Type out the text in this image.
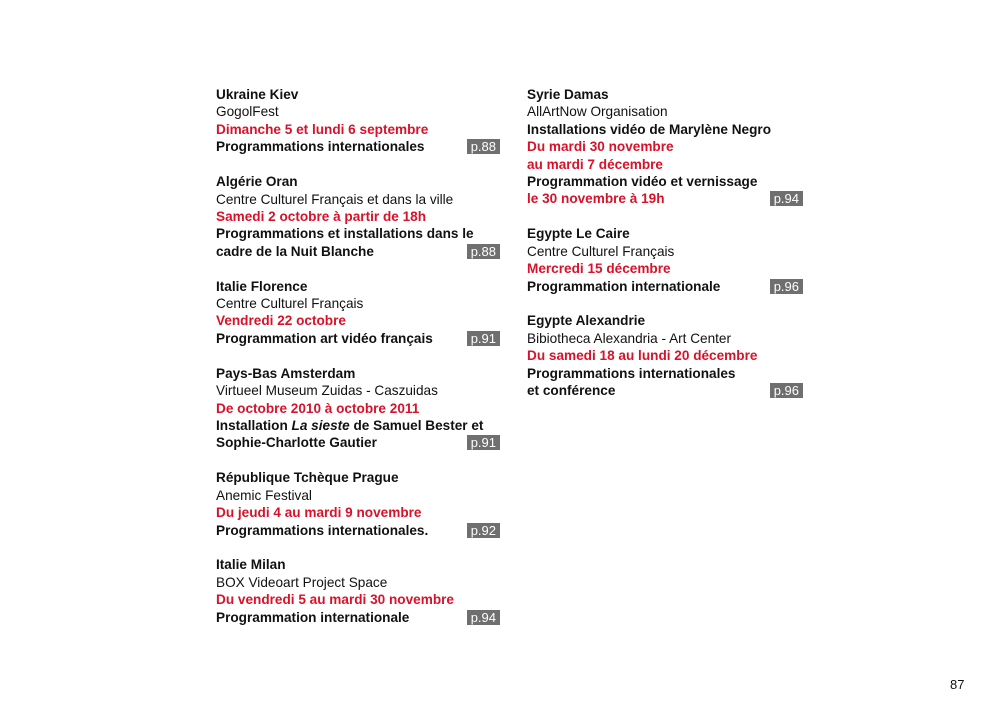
Ukraine Kiev
GogolFest
Dimanche 5 et lundi 6 septembre
Programmations internationales	p.88
Algérie Oran
Centre Culturel Français et dans la ville
Samedi 2 octobre à partir de 18h
Programmations et installations dans le
cadre de la Nuit Blanche	p.88
Italie Florence
Centre Culturel Français
Vendredi 22 octobre
Programmation art vidéo français	p.91
Pays-Bas Amsterdam
Virtueel Museum Zuidas - Caszuidas
De octobre 2010 à octobre 2011
Installation La sieste de Samuel Bester et
Sophie-Charlotte Gautier	p.91
République Tchèque Prague
Anemic Festival
Du jeudi 4 au mardi 9 novembre
Programmations internationales.	p.92
Italie Milan
BOX Videoart Project Space
Du vendredi 5 au mardi 30 novembre
Programmation internationale	p.94
Syrie Damas
AllArtNow Organisation
Installations vidéo de Marylène Negro
Du mardi 30 novembre
au mardi 7 décembre
Programmation vidéo et vernissage
le 30 novembre à 19h	p.94
Egypte Le Caire
Centre Culturel Français
Mercredi 15 décembre
Programmation internationale	p.96
Egypte Alexandrie
Bibiotheca Alexandria - Art Center
Du samedi 18 au lundi 20 décembre
Programmations internationales
et conférence	p.96
87
